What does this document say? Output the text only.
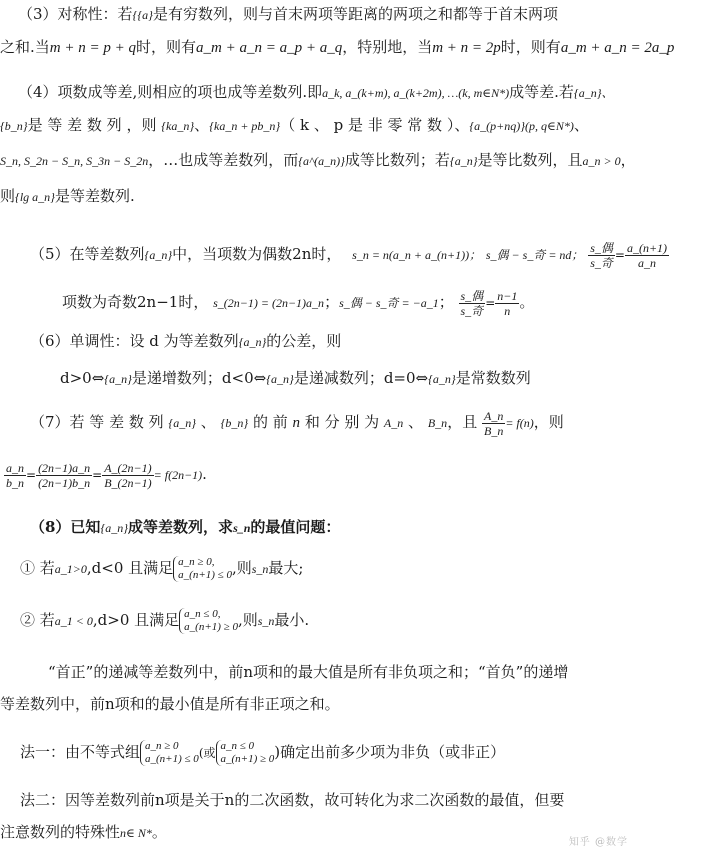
（3）对称性：若{{a}是有穷数列，则与首末两项等距离的两项之和都等于首末两项
之和.当m + n = p + q时，则有a_m + a_n = a_p + a_q，特别地，当m + n = 2p时，则有a_m + a_n = 2a_p
（4）项数成等差,则相应的项也成等差数列.即a_k, a_(k+m), a_(k+2m), …(k, m∈N*)成等差.若{a_n}、
{b_n}是 等 差 数 列 ，则 {ka_n}、{ka_n + pb_n}（ k 、 p 是 非 零 常 数 ）、{a_(p+nq)}(p, q∈N*)、
S_n, S_2n − S_n, S_3n − S_2n，…也成等差数列，而{a^(a_n)}成等比数列；若{a_n}是等比数列，且a_n > 0，
则{lg a_n}是等差数列.
（5）在等差数列{a_n}中，当项数为偶数2n时， s_n = n(a_n + a_(n+1))； s_偶 − s_奇 = nd； $\frac{\text{s\_偶}}{\text{s\_奇}} = \frac{a\_(n+1)}{a\_n}$
项数为奇数2n−1时， s_(2n−1) = (2n−1)a_n；s_偶 − s_奇 = −a_1； $\frac{\text{s\_偶}}{\text{s\_奇}} = \frac{n-1}{n}$ 。
（6）单调性：设 d 为等差数列{a_n}的公差，则
d>0⇔{a_n}是递增数列；d<0⇔{a_n}是递减数列；d=0⇔{a_n}是常数数列
（7）若 等 差 数 列 {a_n} 、 {b_n} 的 前 n 和 分 别 为 A_n 、 B_n，且 $\frac{A\_n}{B\_n} = f(n)$，则
$\frac{a\_n}{b\_n} = \frac{(2n-1)a\_n}{(2n-1)b\_n} = \frac{A\_(2n-1)}{B\_(2n-1)} = f(2n-1)$.
（8）已知{a_n}成等差数列，求s_n的最值问题：
① 若a_1>0,d<0 且满足 a_n ≥ 0,
a_(n+1) ≤ 0 ,则s_n最大;
② 若a_1 < 0,d>0 且满足 a_n ≤ 0,
a_(n+1) ≥ 0 ,则s_n最小.
“首正”的递减等差数列中，前n项和的最大值是所有非负项之和；“首负”的递增
等差数列中，前n项和的最小值是所有非正项之和。
法一：由不等式组 a_n ≥ 0
a_(n+1) ≤ 0 (或 a_n ≤ 0
a_(n+1) ≥ 0 )确定出前多少项为非负（或非正）
法二：因等差数列前n项是关于n的二次函数，故可转化为求二次函数的最值，但要
注意数列的特殊性n∈ N*。
知乎 @数学
